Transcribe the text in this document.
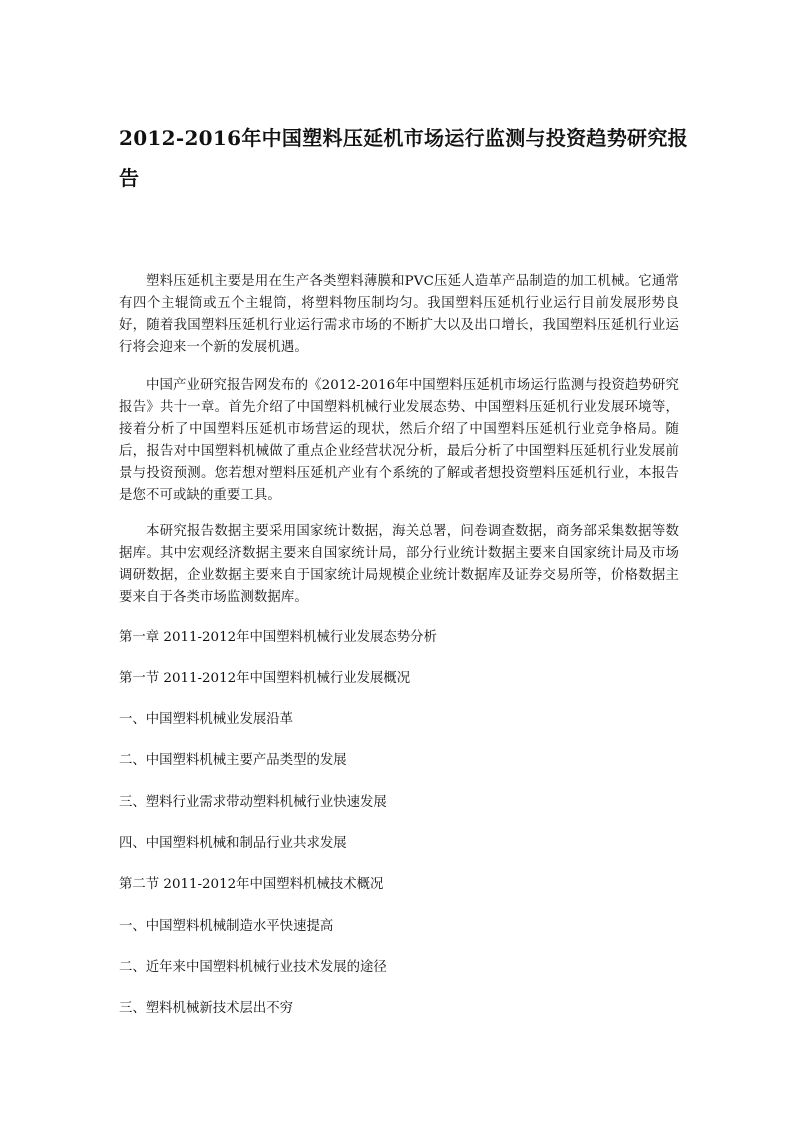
2012-2016年中国塑料压延机市场运行监测与投资趋势研究报告

塑料压延机主要是用在生产各类塑料薄膜和PVC压延人造革产品制造的加工机械。它通常有四个主辊筒或五个主辊筒，将塑料物压制均匀。我国塑料压延机行业运行目前发展形势良好，随着我国塑料压延机行业运行需求市场的不断扩大以及出口增长，我国塑料压延机行业运行将会迎来一个新的发展机遇。

中国产业研究报告网发布的《2012-2016年中国塑料压延机市场运行监测与投资趋势研究报告》共十一章。首先介绍了中国塑料机械行业发展态势、中国塑料压延机行业发展环境等，接着分析了中国塑料压延机市场营运的现状，然后介绍了中国塑料压延机行业竞争格局。随后，报告对中国塑料机械做了重点企业经营状况分析，最后分析了中国塑料压延机行业发展前景与投资预测。您若想对塑料压延机产业有个系统的了解或者想投资塑料压延机行业，本报告是您不可或缺的重要工具。

本研究报告数据主要采用国家统计数据，海关总署，问卷调查数据，商务部采集数据等数据库。其中宏观经济数据主要来自国家统计局，部分行业统计数据主要来自国家统计局及市场调研数据，企业数据主要来自于国家统计局规模企业统计数据库及证券交易所等，价格数据主要来自于各类市场监测数据库。

第一章 2011-2012年中国塑料机械行业发展态势分析
第一节 2011-2012年中国塑料机械行业发展概况
一、中国塑料机械业发展沿革
二、中国塑料机械主要产品类型的发展
三、塑料行业需求带动塑料机械行业快速发展
四、中国塑料机械和制品行业共求发展
第二节 2011-2012年中国塑料机械技术概况
一、中国塑料机械制造水平快速提高
二、近年来中国塑料机械行业技术发展的途径
三、塑料机械新技术层出不穷
